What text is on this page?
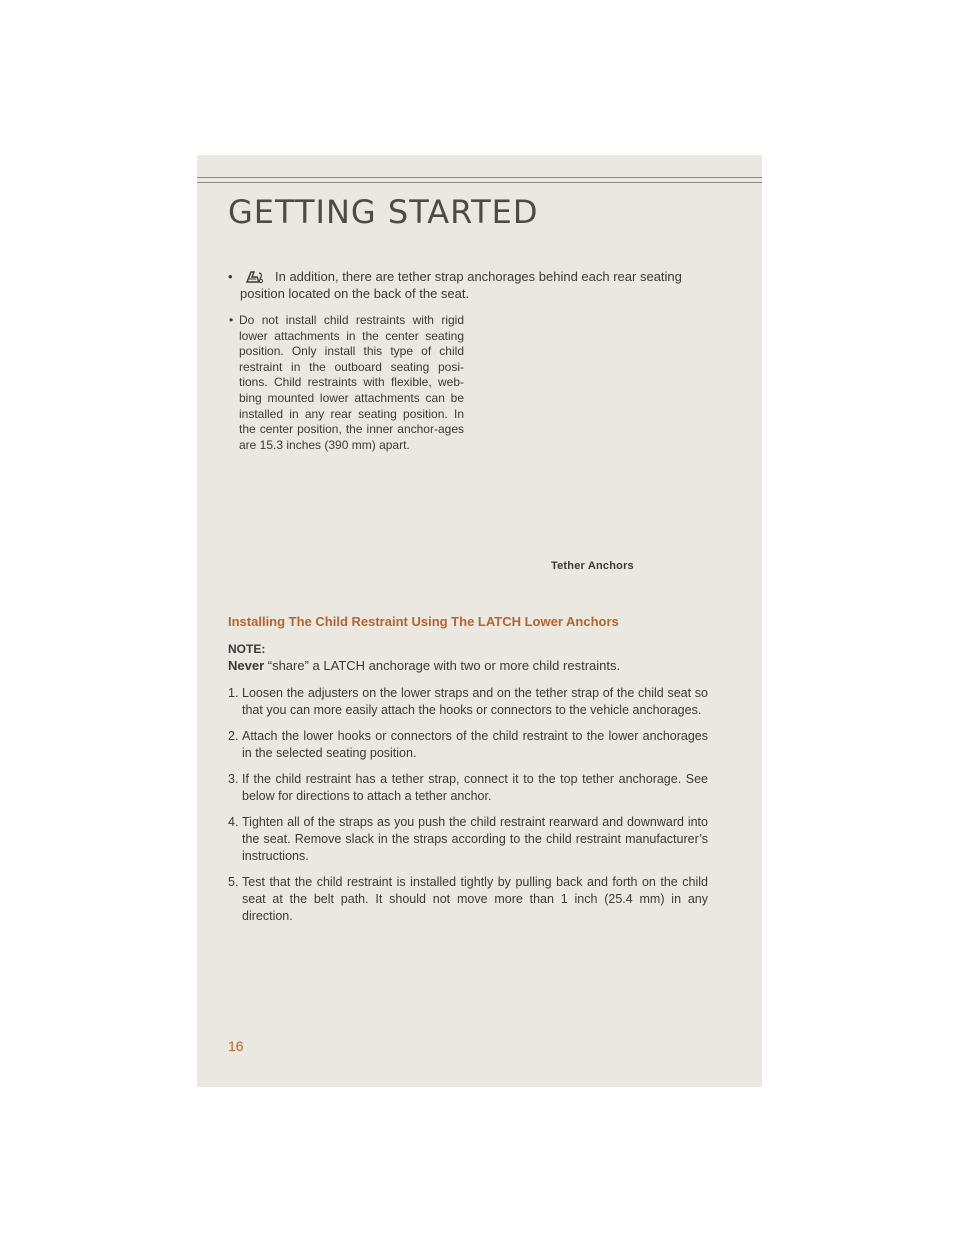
GETTING STARTED
•	In addition, there are tether strap anchorages behind each rear seating
position located on the back of the seat.
• Do not install child restraints with rigid lower attachments in the center seating position. Only install this type of child restraint in the outboard seating posi-tions. Child restraints with flexible, web-bing mounted lower attachments can be installed in any rear seating position. In the center position, the inner anchor-ages are 15.3 inches (390 mm) apart.
Tether Anchors
Installing The Child Restraint Using The LATCH Lower Anchors
NOTE:
Never “share” a LATCH anchorage with two or more child restraints.
1. Loosen the adjusters on the lower straps and on the tether strap of the child seat so that you can more easily attach the hooks or connectors to the vehicle anchorages.
2. Attach the lower hooks or connectors of the child restraint to the lower anchorages in the selected seating position.
3. If the child restraint has a tether strap, connect it to the top tether anchorage. See below for directions to attach a tether anchor.
4. Tighten all of the straps as you push the child restraint rearward and downward into the seat. Remove slack in the straps according to the child restraint manufacturer’s instructions.
5. Test that the child restraint is installed tightly by pulling back and forth on the child seat at the belt path. It should not move more than 1 inch (25.4 mm) in any direction.
16
